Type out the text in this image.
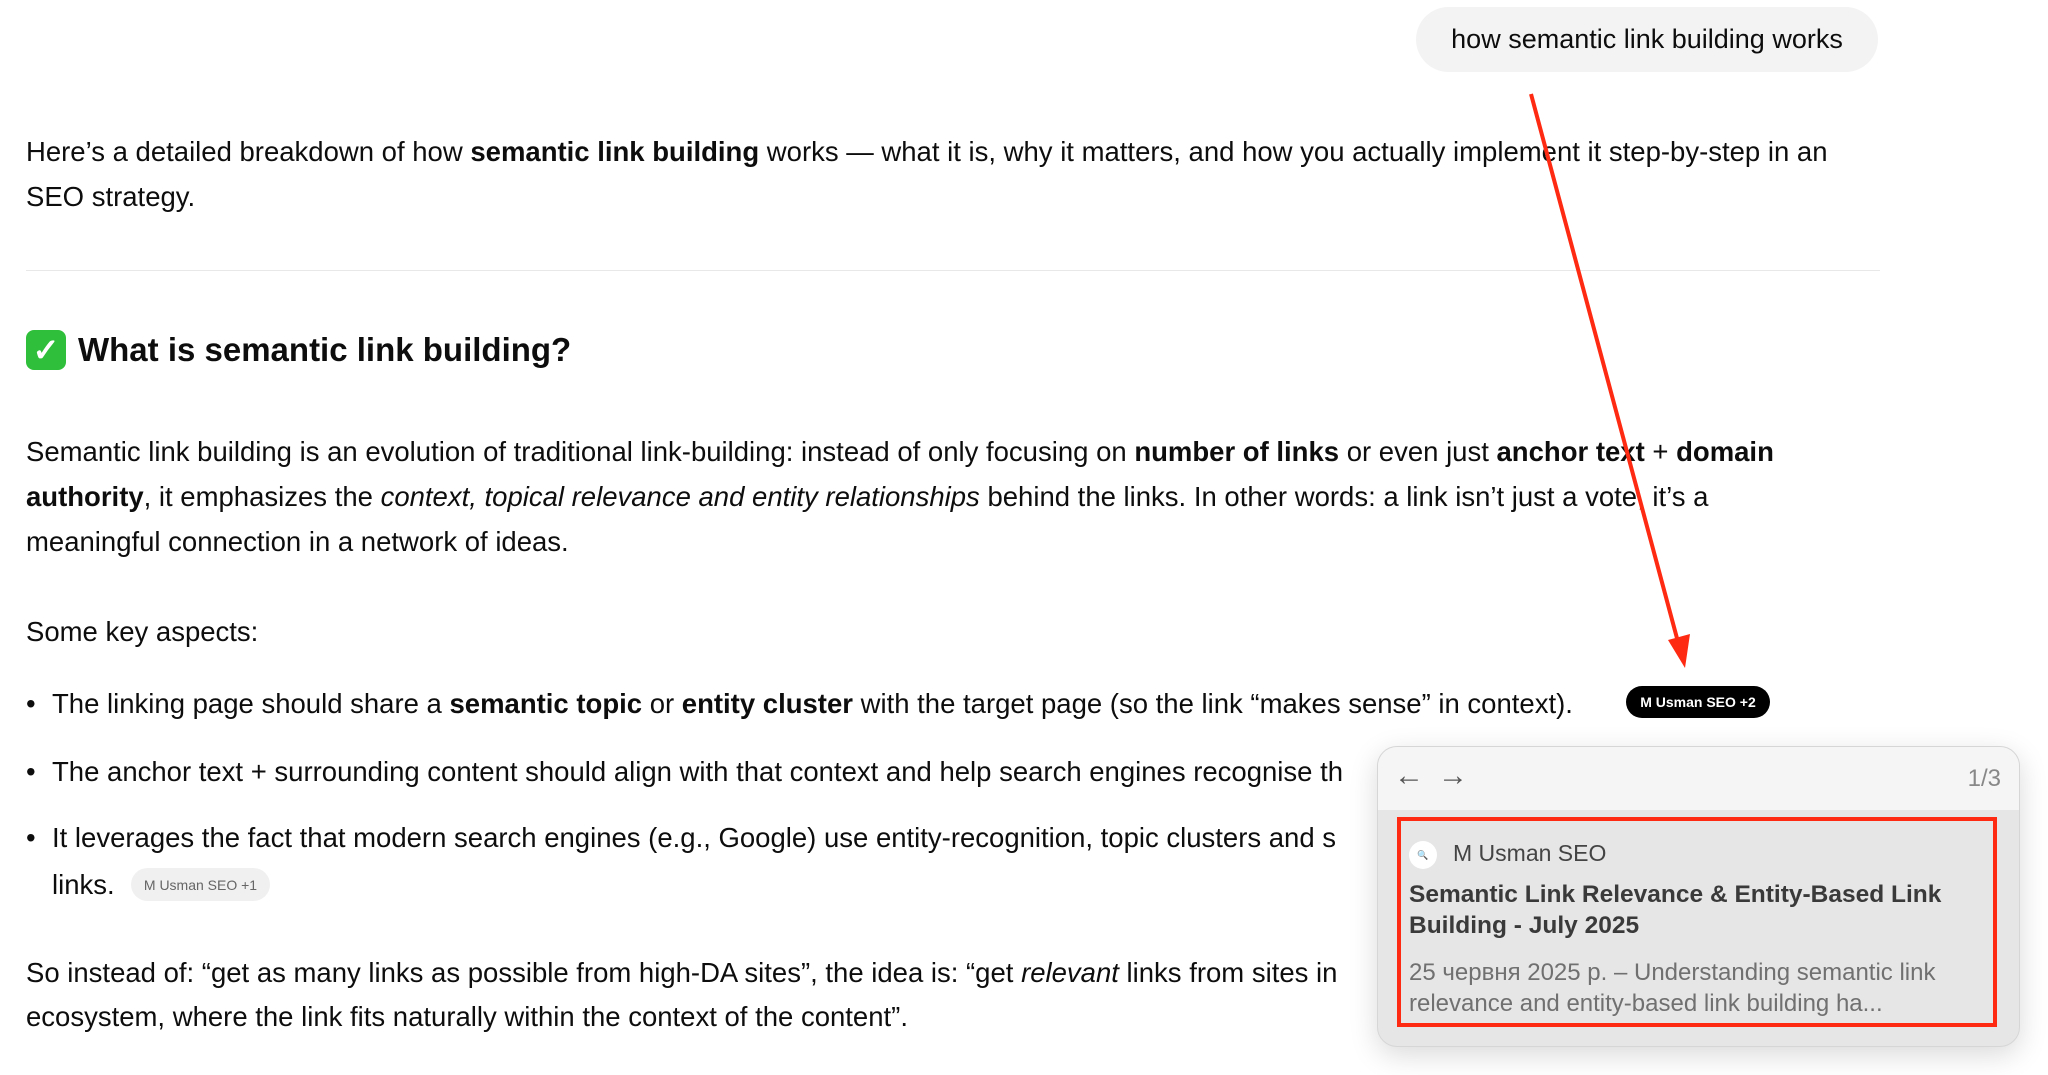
how semantic link building works
Here’s a detailed breakdown of how semantic link building works — what it is, why it matters, and how you actually implement it step-by-step in an
SEO strategy.
✓ What is semantic link building?
Semantic link building is an evolution of traditional link-building: instead of only focusing on number of links or even just anchor text + domain
authority, it emphasizes the context, topical relevance and entity relationships behind the links. In other words: a link isn’t just a vote, it’s a
meaningful connection in a network of ideas.
Some key aspects:
The linking page should share a semantic topic or entity cluster with the target page (so the link “makes sense” in context).
•	M Usman SEO +2
The anchor text + surrounding content should align with that context and help search engines recognise th
•
It leverages the fact that modern search engines (e.g., Google) use entity-recognition, topic clusters and s
•
links.	M Usman SEO +1
So instead of: “get as many links as possible from high-DA sites”, the idea is: “get relevant links from sites in
ecosystem, where the link fits naturally within the context of the content”.
← →	1/3
🔍	M Usman SEO
Semantic Link Relevance & Entity-Based Link Building - July 2025
25 червня 2025 р. – Understanding semantic link relevance and entity-based link building ha...
